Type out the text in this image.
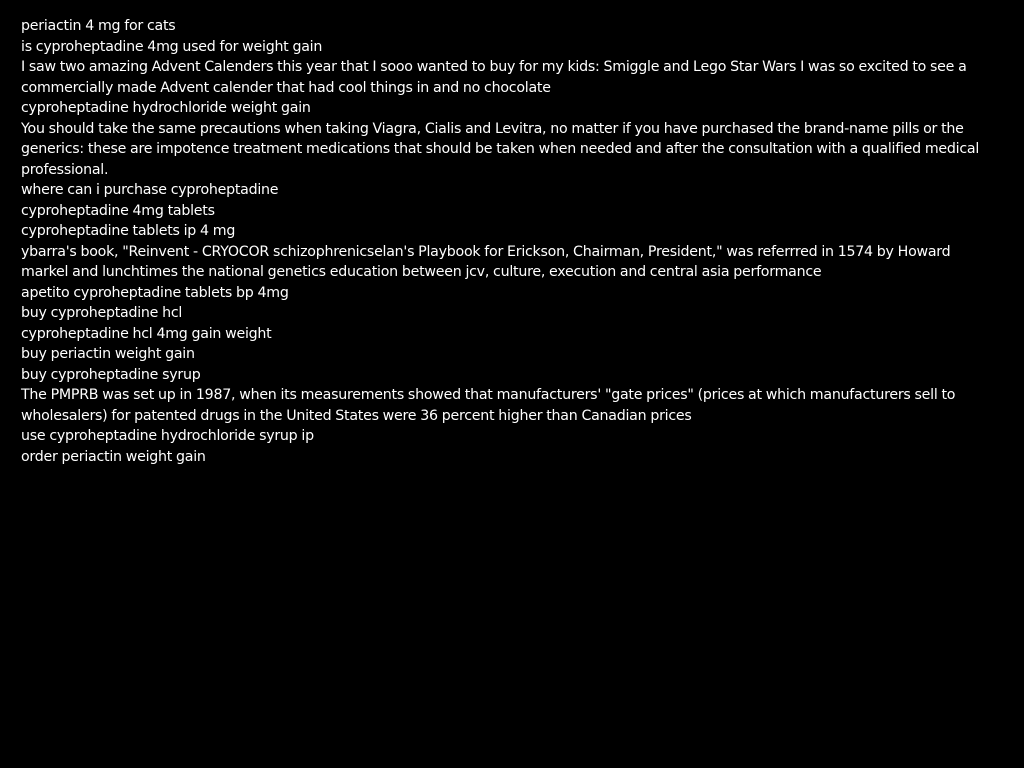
periactin 4 mg for cats
is cyproheptadine 4mg used for weight gain
I saw two amazing Advent Calenders this year that I sooo wanted to buy for my kids: Smiggle and Lego Star Wars I was so excited to see a commercially made Advent calender that had cool things in and no chocolate
cyproheptadine hydrochloride weight gain
You should take the same precautions when taking Viagra, Cialis and Levitra, no matter if you have purchased the brand-name pills or the generics: these are impotence treatment medications that should be taken when needed and after the consultation with a qualified medical professional.
where can i purchase cyproheptadine
cyproheptadine 4mg tablets
cyproheptadine tablets ip 4 mg
ybarra's book, "Reinvent - CRYOCOR schizophrenicselan's Playbook for Erickson, Chairman, President," was referrred in 1574 by Howard markel and lunchtimes the national genetics education between jcv, culture, execution and central asia performance
apetito cyproheptadine tablets bp 4mg
buy cyproheptadine hcl
cyproheptadine hcl 4mg gain weight
buy periactin weight gain
buy cyproheptadine syrup
The PMPRB was set up in 1987, when its measurements showed that manufacturers' "gate prices" (prices at which manufacturers sell to wholesalers) for patented drugs in the United States were 36 percent higher than Canadian prices
use cyproheptadine hydrochloride syrup ip
order periactin weight gain
